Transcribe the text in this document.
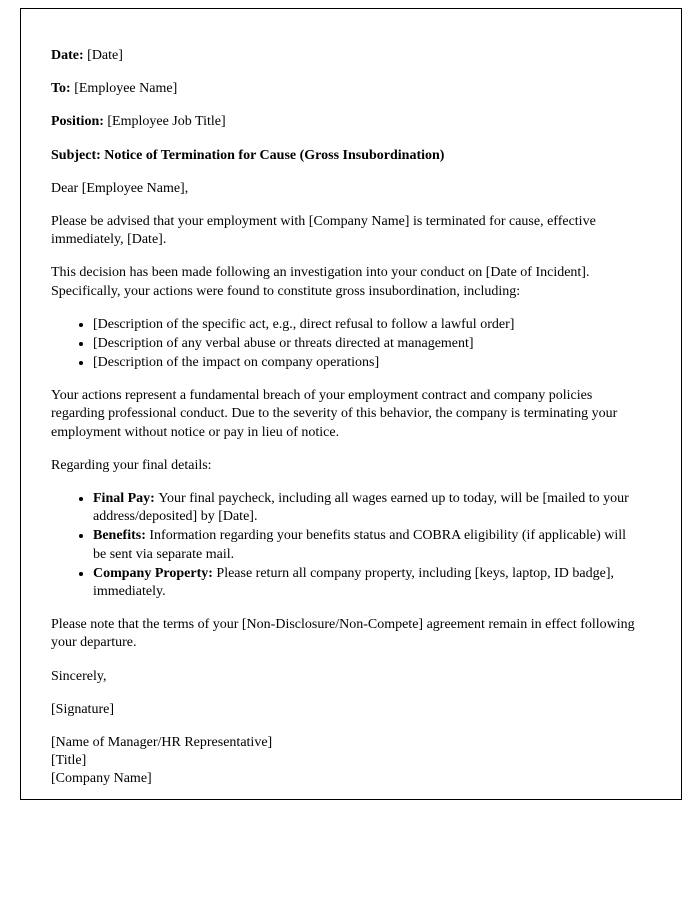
Date: [Date]

To: [Employee Name]

Position: [Employee Job Title]

Subject: Notice of Termination for Cause (Gross Insubordination)

Dear [Employee Name],

Please be advised that your employment with [Company Name] is terminated for cause, effective immediately, [Date].

This decision has been made following an investigation into your conduct on [Date of Incident]. Specifically, your actions were found to constitute gross insubordination, including:

• [Description of the specific act, e.g., direct refusal to follow a lawful order]
• [Description of any verbal abuse or threats directed at management]
• [Description of the impact on company operations]

Your actions represent a fundamental breach of your employment contract and company policies regarding professional conduct. Due to the severity of this behavior, the company is terminating your employment without notice or pay in lieu of notice.

Regarding your final details:

• Final Pay: Your final paycheck, including all wages earned up to today, will be [mailed to your address/deposited] by [Date].
• Benefits: Information regarding your benefits status and COBRA eligibility (if applicable) will be sent via separate mail.
• Company Property: Please return all company property, including [keys, laptop, ID badge], immediately.

Please note that the terms of your [Non-Disclosure/Non-Compete] agreement remain in effect following your departure.

Sincerely,

[Signature]

[Name of Manager/HR Representative]
[Title]
[Company Name]
